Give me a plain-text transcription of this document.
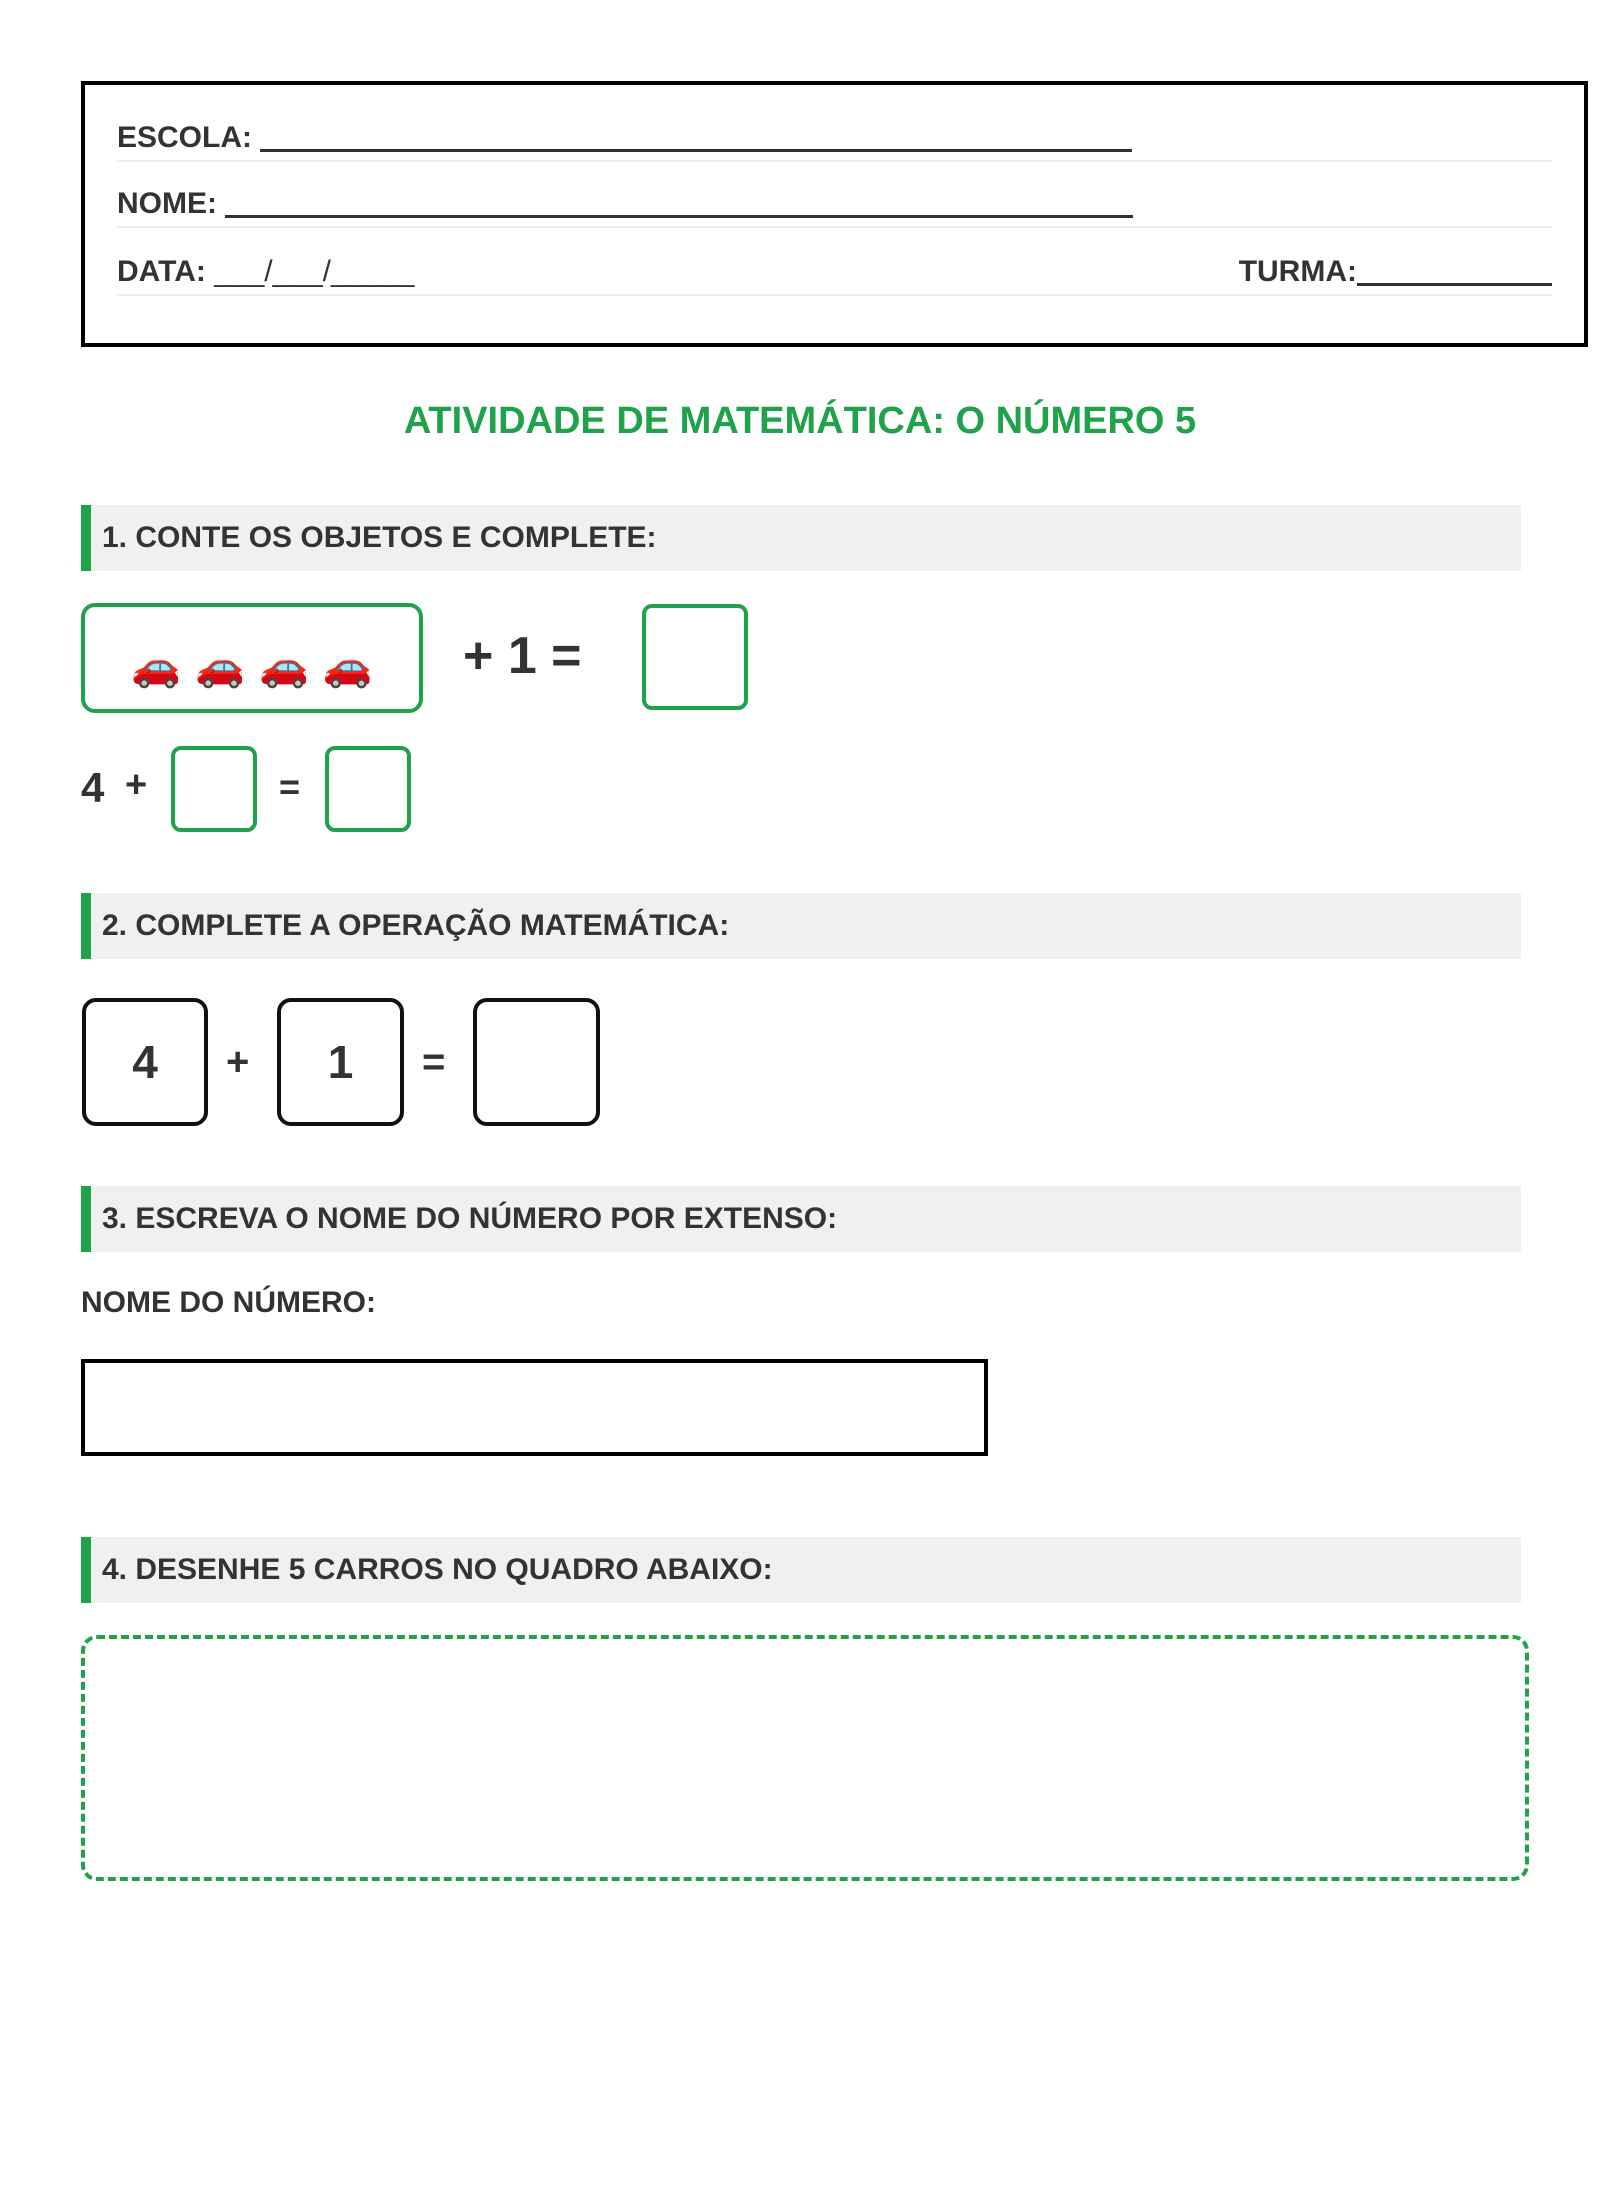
ESCOLA:
NOME:
DATA: ___/___/_____	TURMA:
ATIVIDADE DE MATEMÁTICA: O NÚMERO 5
1. CONTE OS OBJETOS E COMPLETE:
🚗 🚗 🚗 🚗 + 1 =
4 +	=
2. COMPLETE A OPERAÇÃO MATEMÁTICA:
4	+	1	=
3. ESCREVA O NOME DO NÚMERO POR EXTENSO:
NOME DO NÚMERO:
4. DESENHE 5 CARROS NO QUADRO ABAIXO:
